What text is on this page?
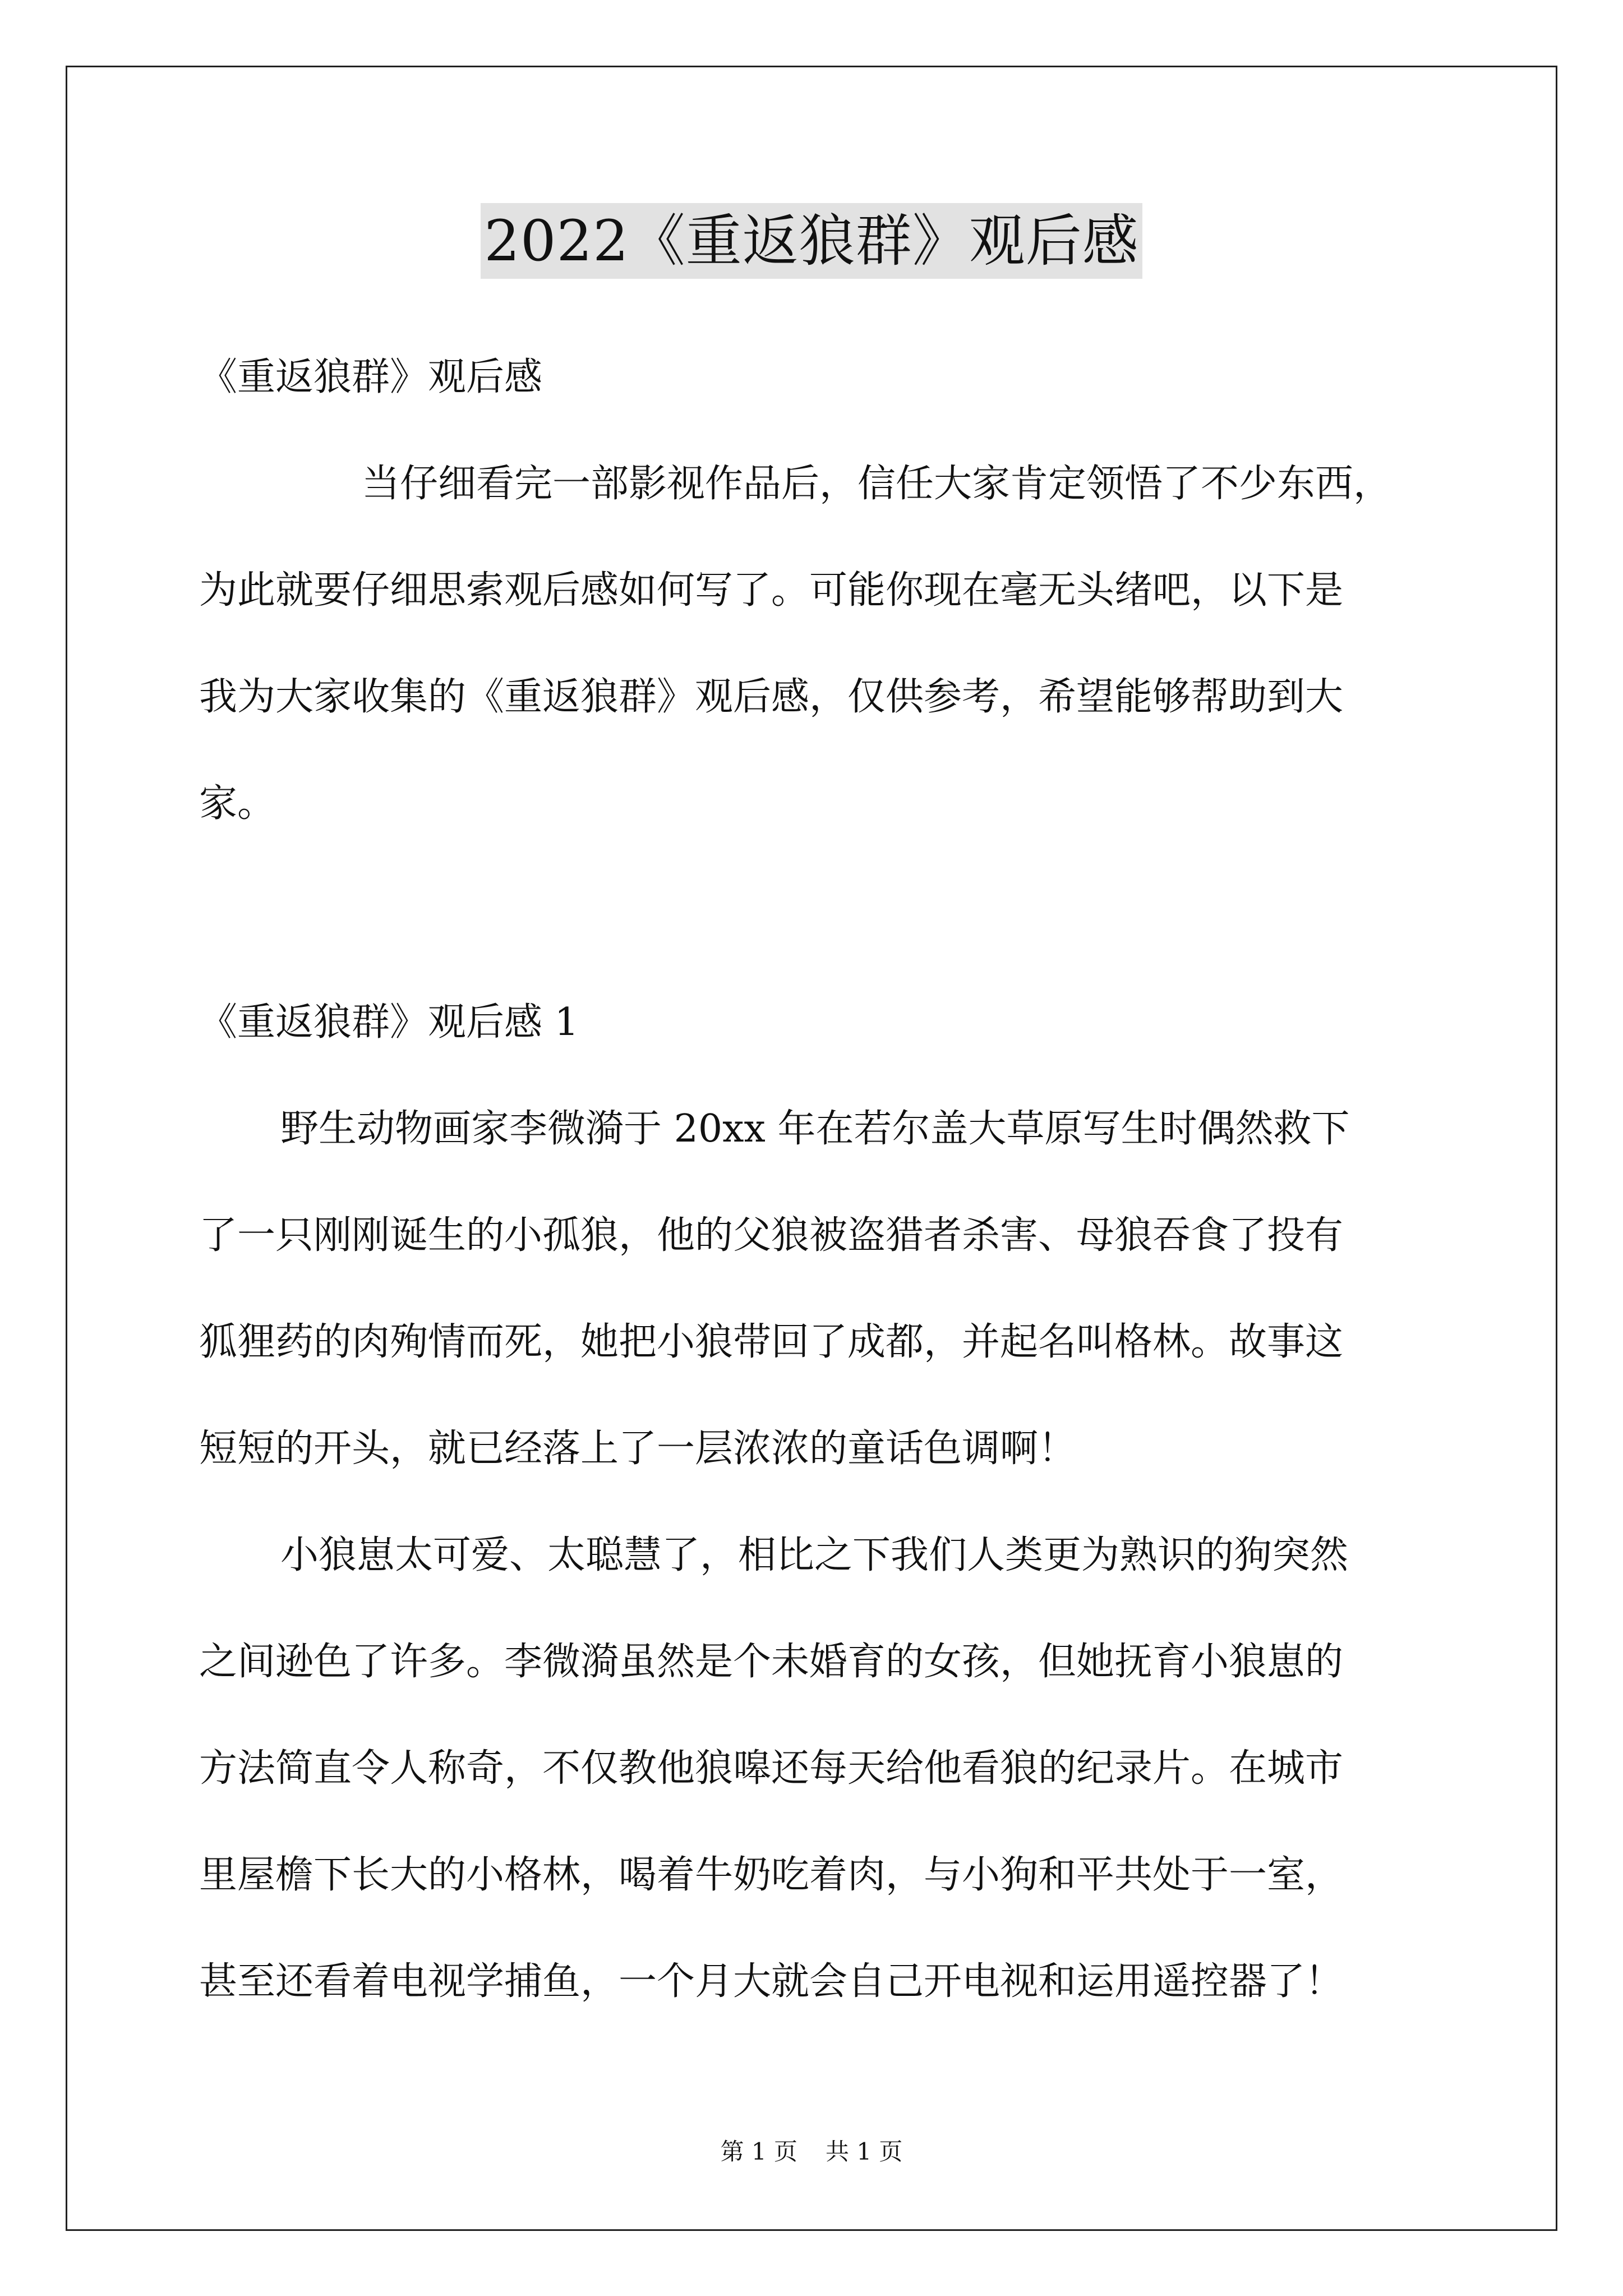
2022《重返狼群》观后感
《重返狼群》观后感
当仔细看完一部影视作品后，信任大家肯定领悟了不少东西，
为此就要仔细思索观后感如何写了。可能你现在毫无头绪吧，以下是
我为大家收集的《重返狼群》观后感，仅供参考，希望能够帮助到大
家。
《重返狼群》观后感 1
野生动物画家李微漪于 20xx 年在若尔盖大草原写生时偶然救下
了一只刚刚诞生的小孤狼，他的父狼被盗猎者杀害、母狼吞食了投有
狐狸药的肉殉情而死，她把小狼带回了成都，并起名叫格林。故事这
短短的开头，就已经落上了一层浓浓的童话色调啊！
小狼崽太可爱、太聪慧了，相比之下我们人类更为熟识的狗突然
之间逊色了许多。李微漪虽然是个未婚育的女孩，但她抚育小狼崽的
方法简直令人称奇，不仅教他狼嗥还每天给他看狼的纪录片。在城市
里屋檐下长大的小格林，喝着牛奶吃着肉，与小狗和平共处于一室，
甚至还看着电视学捕鱼，一个月大就会自己开电视和运用遥控器了！
第 1 页 共 1 页
